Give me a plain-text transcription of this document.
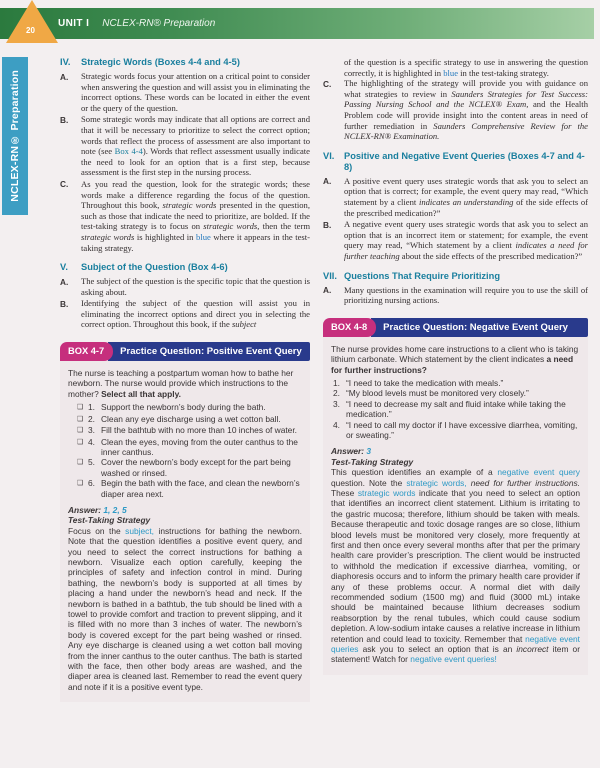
UNIT I NCLEX-RN® Preparation
20
NCLEX-RN® Preparation
IV.	Strategic Words (Boxes 4-4 and 4-5)
A.	Strategic words focus your attention on a critical point to consider when answering the question and will assist you in eliminating the incorrect options. These words can be located in either the event or the query of the question.

B.	Some strategic words may indicate that all options are correct and that it will be necessary to prioritize to select the correct option; words that reflect the process of assessment are also important to note (see Box 4-4). Words that reflect assessment usually indicate the need to look for an option that is a first step, because assessment is the first step in the nursing process.

C.	As you read the question, look for the strategic words; these words make a difference regarding the focus of the question. Throughout this book, strategic words presented in the question, such as those that indicate the need to prioritize, are bolded. If the test-taking strategy is to focus on strategic words, then the term strategic words is highlighted in blue where it appears in the test-taking strategy.

V.	Subject of the Question (Box 4-6)
A.	The subject of the question is the specific topic that the question is asking about.

B.	Identifying the subject of the question will assist you in eliminating the incorrect options and direct you in selecting the correct option. Throughout this book, if the subject

BOX 4-7	Practice Question: Positive Event Query

The nurse is teaching a postpartum woman how to bathe her newborn. The nurse would provide which instructions to the mother? Select all that apply.

❑ 1. Support the newborn’s body during the bath.
❑ 2. Clean any eye discharge using a wet cotton ball.
❑ 3. Fill the bathtub with no more than 10 inches of water.
❑ 4. Clean the eyes, moving from the outer canthus to the inner canthus.
❑ 5. Cover the newborn’s body except for the part being washed or rinsed.
❑ 6. Begin the bath with the face, and clean the newborn’s diaper area next.

Answer: 1, 2, 5

Test-Taking Strategy

Focus on the subject, instructions for bathing the newborn. Note that the question identifies a positive event query, and you need to select the correct instructions for bathing a newborn. Visualize each option carefully, keeping the principles of safety and infection control in mind. During bathing, the newborn’s body is supported at all times by placing a hand under the newborn’s head and neck. If the newborn is bathed in a bathtub, the tub should be lined with a towel to provide comfort and traction to prevent slipping, and it is filled with no more than 3 inches of water. The newborn’s body is covered except for the part being washed or rinsed. Any eye discharge is cleaned using a wet cotton ball moving from the inner canthus to the outer canthus. The bath is started with the face, then other body areas are washed, and the diaper area is cleaned last. Remember to read the event query and note if it is a positive event type.

of the question is a specific strategy to use in answering the question correctly, it is highlighted in blue in the test-taking strategy.

C.	The highlighting of the strategy will provide you with guidance on what strategies to review in Saunders Strategies for Test Success: Passing Nursing School and the NCLEX® Exam, and the Health Problem code will provide insight into the content areas in need of further remediation in Saunders Comprehensive Review for the NCLEX-RN® Examination.

VI.	Positive and Negative Event Queries (Boxes 4-7 and 4-8)
A.	A positive event query uses strategic words that ask you to select an option that is correct; for example, the event query may read, “Which statement by a client indicates an understanding of the side effects of the prescribed medication?”

B.	A negative event query uses strategic words that ask you to select an option that is an incorrect item or statement; for example, the event query may read, “Which statement by a client indicates a need for further teaching about the side effects of the prescribed medication?”

VII. Questions That Require Prioritizing
A.	Many questions in the examination will require you to use the skill of prioritizing nursing actions.

BOX 4-8	Practice Question: Negative Event Query

The nurse provides home care instructions to a client who is taking lithium carbonate. Which statement by the client indicates a need for further instructions?

1. “I need to take the medication with meals.”
2. “My blood levels must be monitored very closely.”
3. “I need to decrease my salt and fluid intake while taking the medication.”
4. “I need to call my doctor if I have excessive diarrhea, vomiting, or sweating.”

Answer: 3

Test-Taking Strategy

This question identifies an example of a negative event query question. Note the strategic words, need for further instructions. These strategic words indicate that you need to select an option that identifies an incorrect client statement. Lithium is irritating to the gastric mucosa; therefore, lithium should be taken with meals. Because therapeutic and toxic dosage ranges are so close, lithium blood levels must be monitored very closely, more frequently at first and then once every several months after that per the primary health care provider’s prescription. The client would be instructed to withhold the medication if excessive diarrhea, vomiting, or diaphoresis occurs and to inform the primary health care provider if any of these problems occur. A normal diet with daily recommended sodium (1500 mg) and fluid (3000 mL) intake should be maintained because lithium decreases sodium reabsorption by the renal tubules, which could cause sodium depletion. A low-sodium intake causes a relative increase in lithium retention and could lead to toxicity. Remember that negative event queries ask you to select an option that is an incorrect item or statement! Watch for negative event queries!
